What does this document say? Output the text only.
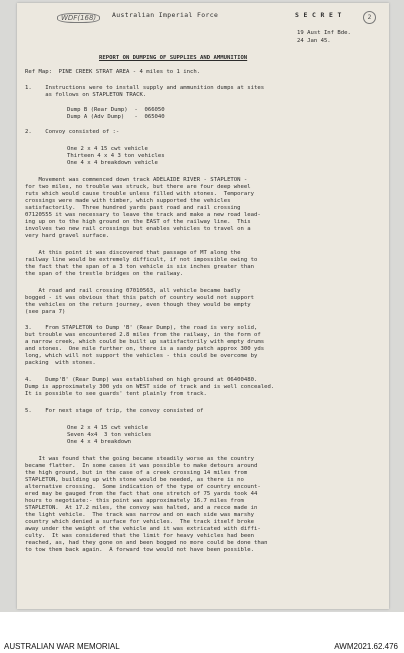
WDF(168)	2
Australian Imperial Force	S E C R E T
19 Aust Inf Bde.
24 Jan 45.
REPORT ON DUMPING OF SUPPLIES AND AMMUNITION
Ref Map:  PINE CREEK STRAT AREA - 4 miles to 1 inch.
1.    Instructions were to install supply and ammunition dumps at sites
as follows on STAPLETON TRACK.
Dump B (Rear Dump)  -  066050
Dump A (Adv Dump)   -  065040
2.    Convoy consisted of :-
One 2 x 4 15 cwt vehicle
Thirteen 4 x 4 3 ton vehicles
One 4 x 4 breakdown vehicle
Movement was commenced down track ADELAIDE RIVER - STAPLETON -
for two miles, no trouble was struck, but there are four deep wheel
ruts which would cause trouble unless filled with stones.  Temporary
crossings were made with timber, which supported the vehicles
satisfactorily.  Three hundred yards past road and rail crossing
07120555 it was necessary to leave the track and make a new road lead-
ing up on to the high ground on the EAST of the railway line.  This
involves two new rail crossings but enables vehicles to travel on a
very hard gravel surface.
At this point it was discovered that passage of MT along the
railway line would be extremely difficult, if not impossible owing to
the fact that the span of a 3 ton vehicle is six inches greater than
the span of the trestle bridges on the railway.
At road and rail crossing 07010563, all vehicle became badly
bogged - it was obvious that this patch of country would not support
the vehicles on the return journey, even though they would be empty
(see para 7)
3.    From STAPLETON to Dump 'B' (Rear Dump), the road is very solid,
but trouble was encountered 2.8 miles from the railway, in the form of
a narrow creek, which could be built up satisfactorily with empty drums
and stones.  One mile further on, there is a sandy patch approx 300 yds
long, which will not support the vehicles - this could be overcome by
packing  with stones.
4.    Dump'B' (Rear Dump) was established on high ground at 06400480.
Dump is approximately 300 yds on WEST side of track and is well concealed.
It is possible to see guards' tent plainly from track.
5.    For next stage of trip, the convoy consisted of
One 2 x 4 15 cwt vehicle
Seven 4x4  3 ton vehicles
One 4 x 4 breakdown
It was found that the going became steadily worse as the country
became flatter.  In some cases it was possible to make detours around
the high ground, but in the case of a creek crossing 14 miles from
STAPLETON, building up with stone would be needed, as there is no
alternative crossing.  Some indication of the type of country encount-
ered may be gauged from the fact that one stretch of 75 yards took 44
hours to negotiate:- this point was approximately 16.7 miles from
STAPLETON.  At 17.2 miles, the convoy was halted, and a recce made in
the light vehicle.  The track was narrow and on each side was marshy
country which denied a surface for vehicles.  The track itself broke
away under the weight of the vehicle and it was extricated with diffi-
culty.  It was considered that the limit for heavy vehicles had been
reached, as, had they gone on and been bogged no more could be done than
to tow them back again.  A forward tow would not have been possible.
AUSTRALIAN WAR MEMORIAL	AWM2021.62.476
